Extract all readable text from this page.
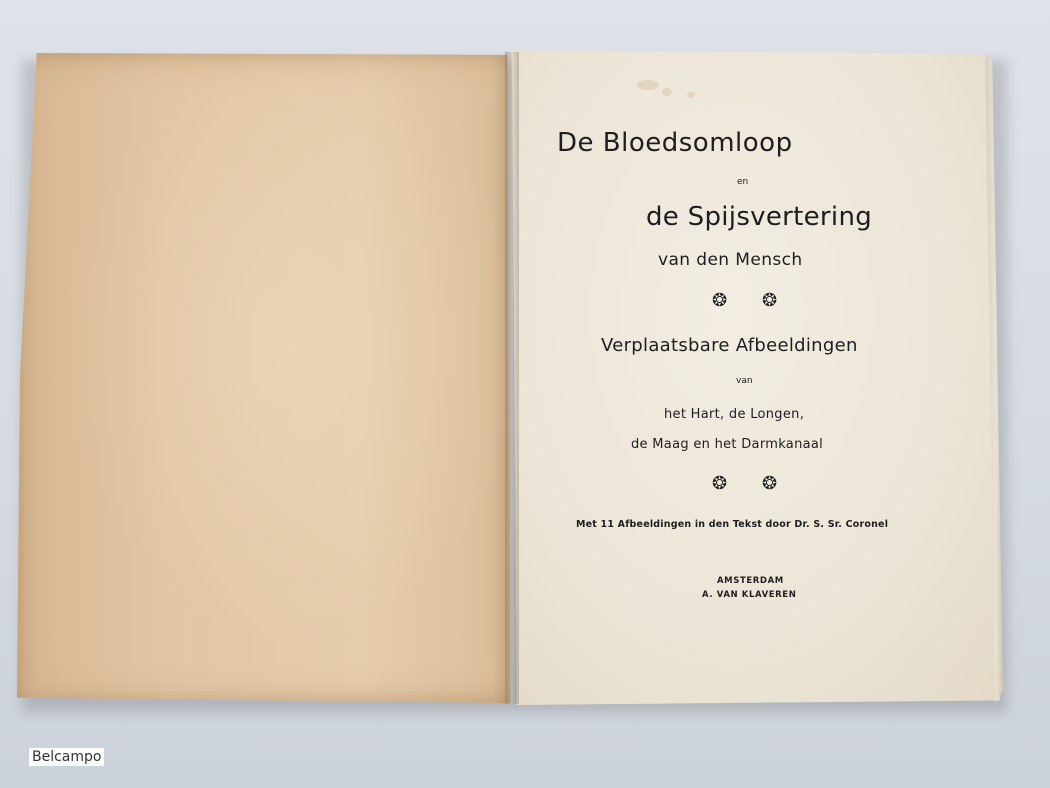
De Bloedsomloop
en
de Spijsvertering
van den Mensch
❂ ❂
Verplaatsbare Afbeeldingen
van
het Hart, de Longen,
de Maag en het Darmkanaal
❂ ❂
Met 11 Afbeeldingen in den Tekst door Dr. S. Sr. Coronel
AMSTERDAM
A. VAN KLAVEREN
Belcampo
